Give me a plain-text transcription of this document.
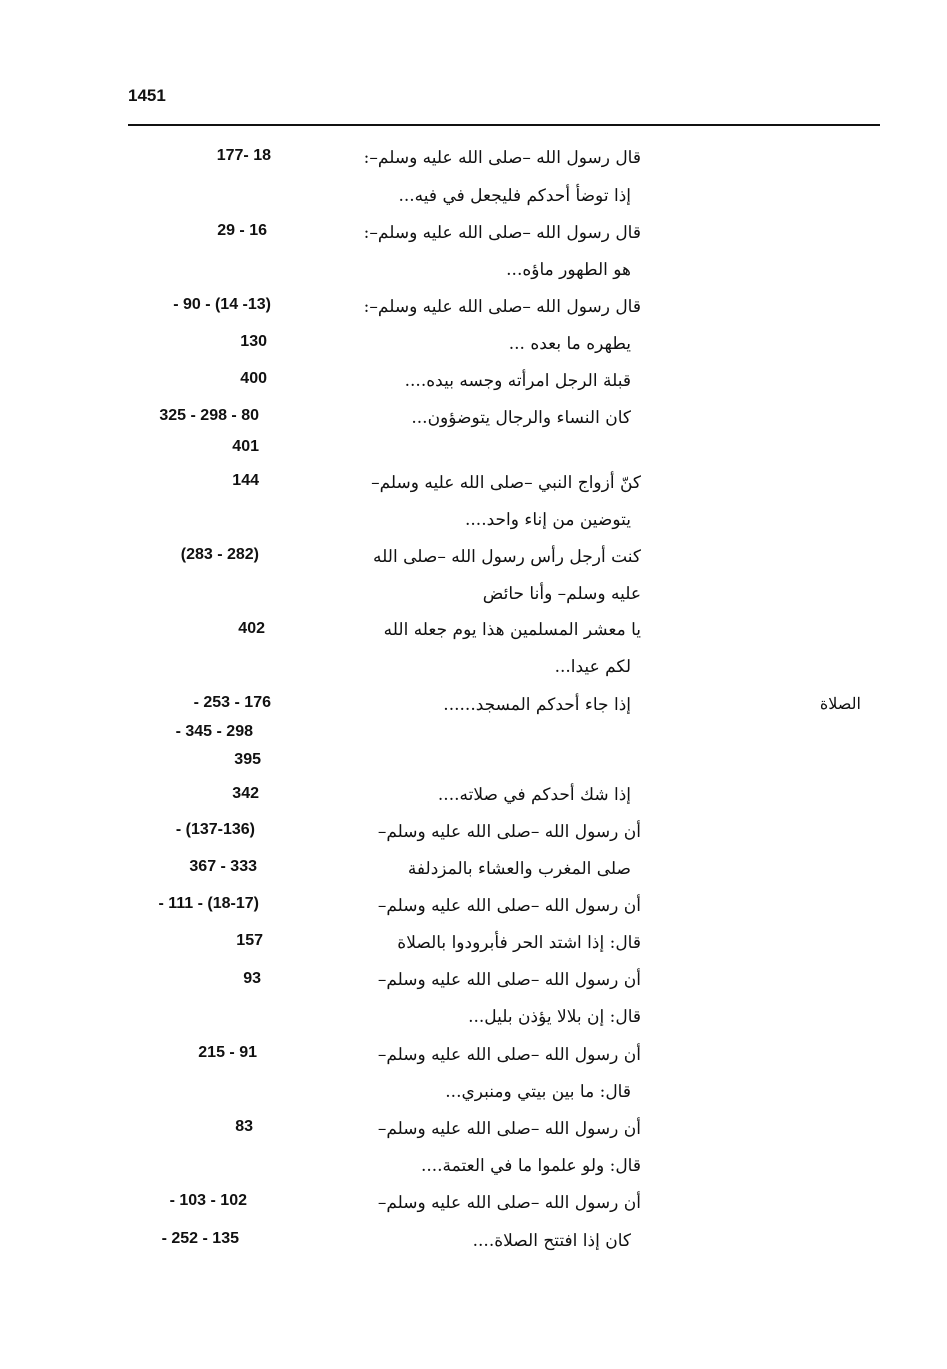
1451
الصلاة
قال رسول الله –صلى الله عليه وسلم–:
177- 18
إذا توضأ أحدكم فليجعل في فيه...
قال رسول الله –صلى الله عليه وسلم–:
29 - 16
هو الطهور ماؤه...
قال رسول الله –صلى الله عليه وسلم–:
- 90 - (14 -13)
يطهره ما بعده ...
130
قبلة الرجل امرأته وجسه بيده....
400
كان النساء والرجال يتوضؤون...
325 - 298 - 80
401
كنّ أزواج النبي –صلى الله عليه وسلم–
144
يتوضين من إناء واحد....
كنت أرجل رأس رسول الله –صلى الله
(283 - 282)
عليه وسلم– وأنا حائض
يا معشر المسلمين هذا يوم جعله الله
402
لكم عيدا...
إذا جاء أحدكم المسجد......
- 253 - 176
- 345 - 298
395
إذا شك أحدكم في صلاته....
342
أن رسول الله –صلى الله عليه وسلم–
- (137-136)
صلى المغرب والعشاء بالمزدلفة
367 - 333
أن رسول الله –صلى الله عليه وسلم–
- 111 - (18-17)
قال: إذا اشتد الحر فأبرودوا بالصلاة
157
أن رسول الله –صلى الله عليه وسلم–
93
قال: إن بلالا يؤذن بليل...
أن رسول الله –صلى الله عليه وسلم–
215 - 91
قال: ما بين بيتي ومنبري...
أن رسول الله –صلى الله عليه وسلم–
83
قال: ولو علموا ما في العتمة....
أن رسول الله –صلى الله عليه وسلم–
- 103 - 102
كان إذا افتتح الصلاة....
- 252 - 135
